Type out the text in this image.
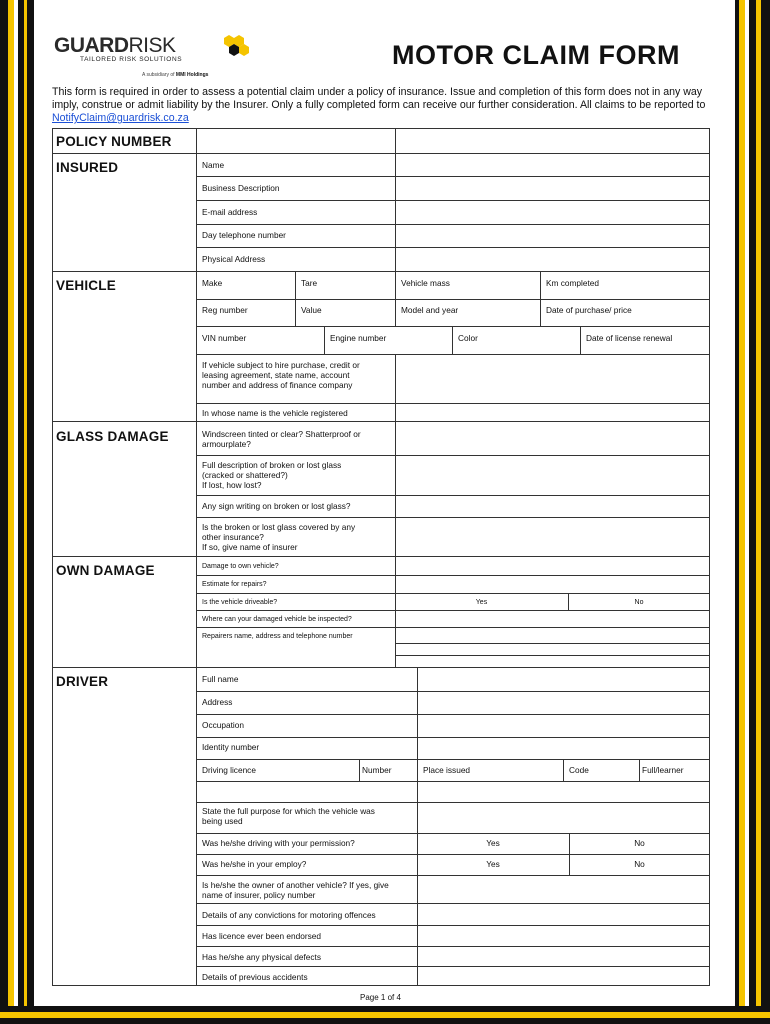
GUARDRISK
TAILORED RISK SOLUTIONS
A subsidiary of MMI Holdings
MOTOR CLAIM FORM
This form is required in order to assess a potential claim under a policy of insurance. Issue and completion of this form does not in any way imply, construe or admit liability by the Insurer. Only a fully completed form can receive our further consideration. All claims to be reported to NotifyClaim@guardrisk.co.za
POLICY NUMBER
INSURED	Name
Business Description
E-mail address
Day telephone number
Physical Address
VEHICLE	Make	Tare	Vehicle mass	Km completed
Reg number	Value	Model and year	Date of purchase/ price
VIN number	Engine number	Color	Date of license renewal
If vehicle subject to hire purchase, credit or
leasing agreement, state name, account
number and address of finance company
In whose name is the vehicle registered
GLASS DAMAGE	Windscreen tinted or clear? Shatterproof or
armourplate?
Full description of broken or lost glass
(cracked or shattered?)
If lost, how lost?
Any sign writing on broken or lost glass?
Is the broken or lost glass covered by any
other insurance?
If so, give name of insurer
OWN DAMAGE	Damage to own vehicle?
Estimate for repairs?
Is the vehicle driveable?	Yes	No
Where can your damaged vehicle be inspected?
Repairers name, address and telephone number
DRIVER	Full name
Address
Occupation
Identity number
Driving licence	Number	Place issued	Code	Full/learner
State the full purpose for which the vehicle was
being used
Was he/she driving with your permission?	Yes	No
Was he/she in your employ?	Yes	No
Is he/she the owner of another vehicle? If yes, give
name of insurer, policy number
Details of any convictions for motoring offences
Has licence ever been endorsed
Has he/she any physical defects
Details of previous accidents
Page 1 of 4
